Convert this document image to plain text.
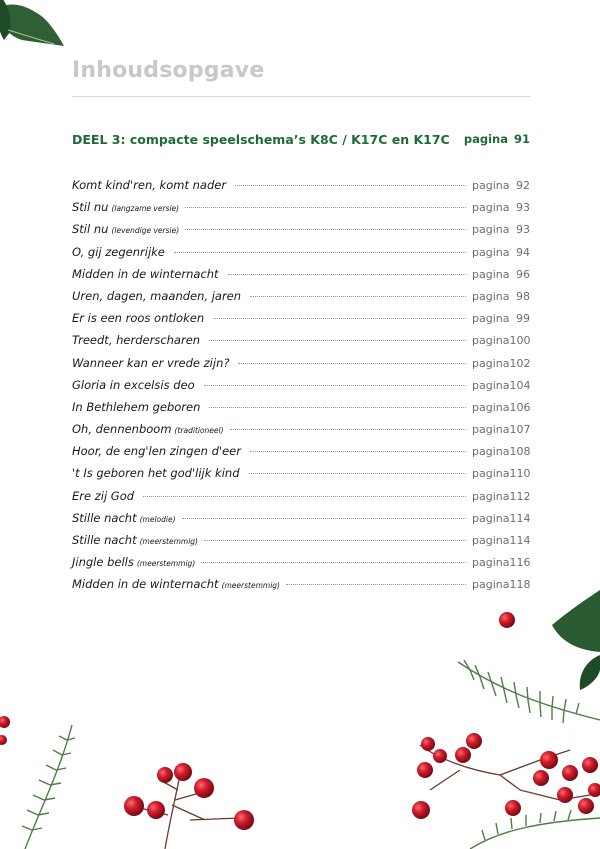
Inhoudsopgave
DEEL 3: compacte speelschema’s K8C / K17C en K17C pagina 91
Komt kind'ren, komt nader	pagina 92
Stil nu (langzame versie)	pagina 93
Stil nu (levendige versie)	pagina 93
O, gij zegenrijke	pagina 94
Midden in de winternacht	pagina 96
Uren, dagen, maanden, jaren	pagina 98
Er is een roos ontloken	pagina 99
Treedt, herderscharen	pagina 100
Wanneer kan er vrede zijn?	pagina 102
Gloria in excelsis deo	pagina 104
In Bethlehem geboren	pagina 106
Oh, dennenboom (traditioneel)	pagina 107
Hoor, de eng'len zingen d'eer	pagina 108
't Is geboren het god'lijk kind	pagina 110
Ere zij God	pagina 112
Stille nacht (melodie)	pagina 114
Stille nacht (meerstemmig)	pagina 114
Jingle bells (meerstemmig)	pagina 116
Midden in de winternacht (meerstemmig)	pagina 118
